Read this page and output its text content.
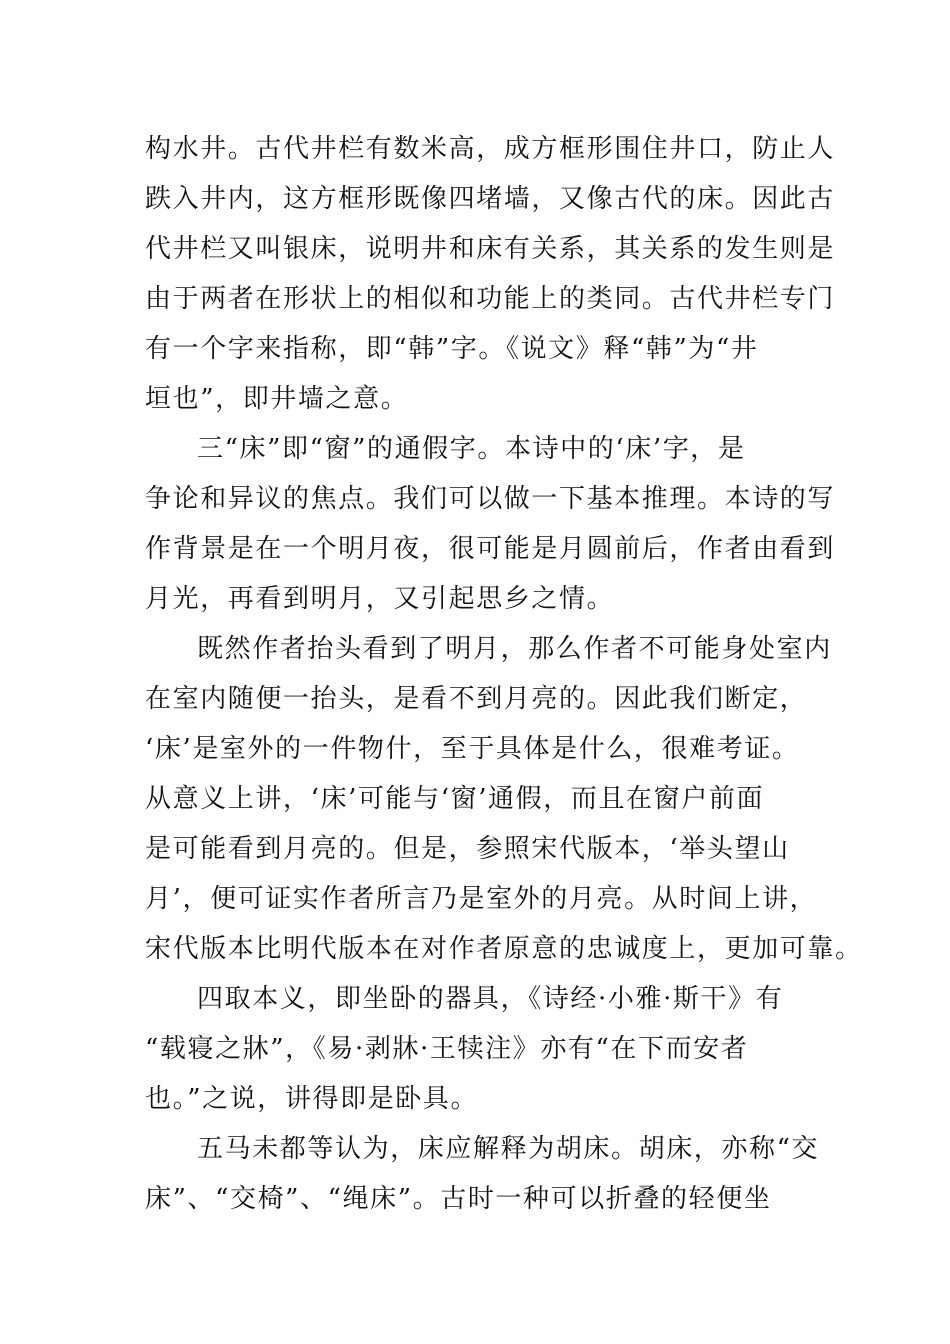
构水井。古代井栏有数米高，成方框形围住井口，防止人
跌入井内，这方框形既像四堵墙，又像古代的床。因此古
代井栏又叫银床，说明井和床有关系，其关系的发生则是
由于两者在形状上的相似和功能上的类同。古代井栏专门
有一个字来指称，即“韩”字。《说文》释“韩”为“井
垣也”，即井墙之意。
三“床”即“窗”的通假字。本诗中的‘床’字，是
争论和异议的焦点。我们可以做一下基本推理。本诗的写
作背景是在一个明月夜，很可能是月圆前后，作者由看到
月光，再看到明月，又引起思乡之情。
既然作者抬头看到了明月，那么作者不可能身处室内
在室内随便一抬头，是看不到月亮的。因此我们断定，
‘床’是室外的一件物什，至于具体是什么，很难考证。
从意义上讲，‘床’可能与‘窗’通假，而且在窗户前面
是可能看到月亮的。但是，参照宋代版本，‘举头望山
月’，便可证实作者所言乃是室外的月亮。从时间上讲，
宋代版本比明代版本在对作者原意的忠诚度上，更加可靠。
四取本义，即坐卧的器具，《诗经·小雅·斯干》有
“载寝之牀”，《易·剥牀·王犊注》亦有“在下而安者
也。”之说，讲得即是卧具。
五马未都等认为，床应解释为胡床。胡床，亦称“交
床”、“交椅”、“绳床”。古时一种可以折叠的轻便坐
